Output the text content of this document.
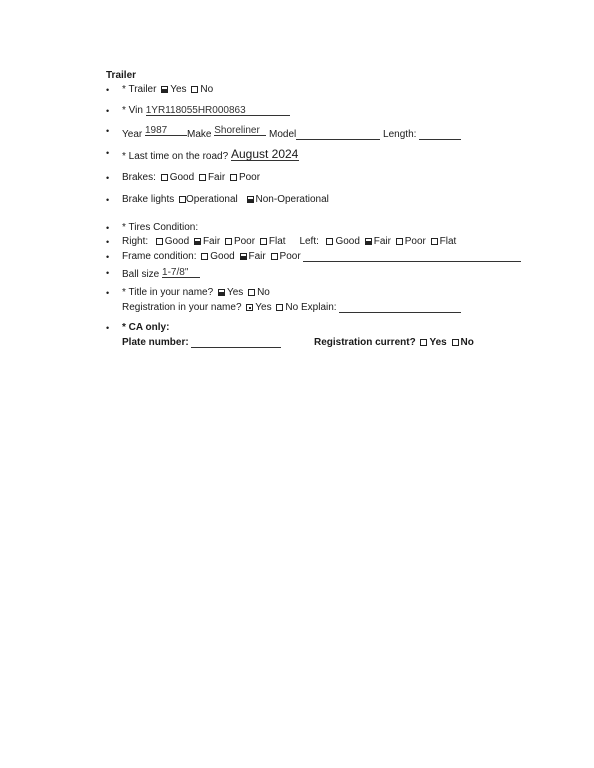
Trailer
• * Trailer Yes No
• * Vin 1YR118055HR000863
• Year 1987 Make Shoreliner Model	Length:
• * Last time on the road? August 2024
• Brakes: Good Fair Poor
• Brake lights Operational Non-Operational
• * Tires Condition:
• Right: Good Fair Poor Flat Left: Good Fair Poor Flat
• Frame condition: Good Fair Poor
• Ball size 1-7/8"
• * Title in your name? Yes No
Registration in your name? Yes No Explain:
• * CA only:
Plate number:	Registration current? Yes No
